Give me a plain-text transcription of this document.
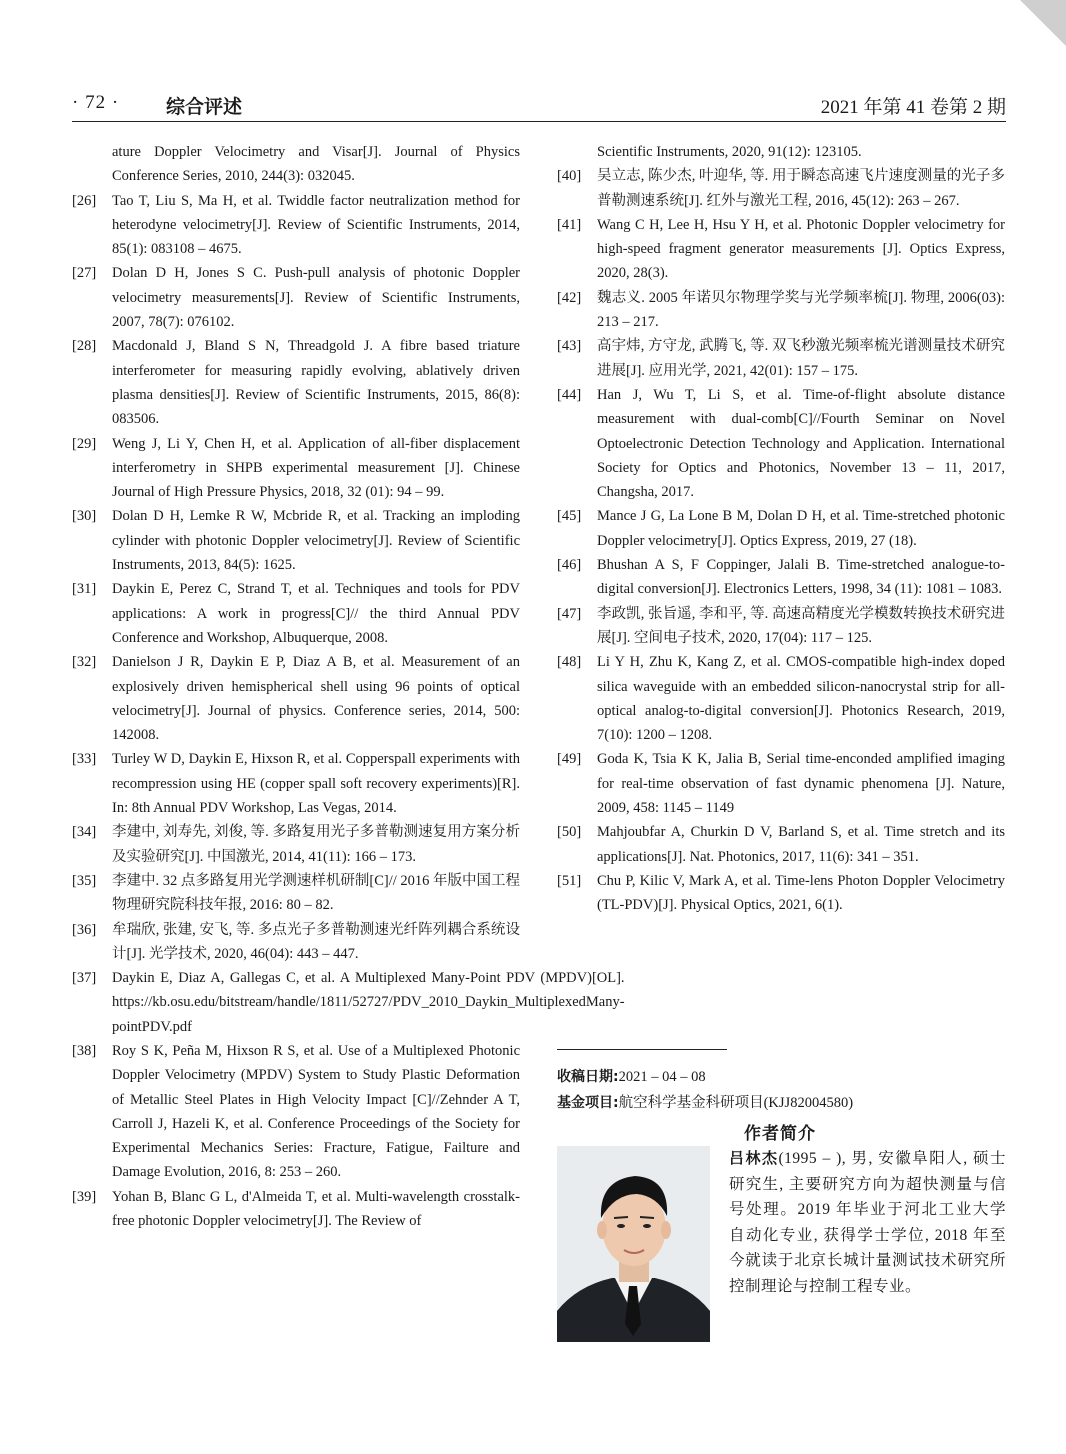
· 72 · 综合评述	2021 年第 41 卷第 2 期
ature Doppler Velocimetry and Visar[J]. Journal of Physics Conference Series, 2010, 244(3): 032045.
[26]	Tao T, Liu S, Ma H, et al. Twiddle factor neutralization method for heterodyne velocimetry[J]. Review of Scientific Instruments, 2014, 85(1): 083108 – 4675.
[27]	Dolan D H, Jones S C. Push-pull analysis of photonic Doppler velocimetry measurements[J]. Review of Scientific Instruments, 2007, 78(7): 076102.
[28]	Macdonald J, Bland S N, Threadgold J. A fibre based triature interferometer for measuring rapidly evolving, ablatively driven plasma densities[J]. Review of Scientific Instruments, 2015, 86(8): 083506.
[29]	Weng J, Li Y, Chen H, et al. Application of all-fiber displacement interferometry in SHPB experimental measurement [J]. Chinese Journal of High Pressure Physics, 2018, 32 (01): 94 – 99.
[30]	Dolan D H, Lemke R W, Mcbride R, et al. Tracking an imploding cylinder with photonic Doppler velocimetry[J]. Review of Scientific Instruments, 2013, 84(5): 1625.
[31]	Daykin E, Perez C, Strand T, et al. Techniques and tools for PDV applications: A work in progress[C]// the third Annual PDV Conference and Workshop, Albuquerque, 2008.
[32]	Danielson J R, Daykin E P, Diaz A B, et al. Measurement of an explosively driven hemispherical shell using 96 points of optical velocimetry[J]. Journal of physics. Conference series, 2014, 500: 142008.
[33]	Turley W D, Daykin E, Hixson R, et al. Copperspall experiments with recompression using HE (copper spall soft recovery experiments)[R]. In: 8th Annual PDV Workshop, Las Vegas, 2014.
[34]	李建中, 刘寿先, 刘俊, 等. 多路复用光子多普勒测速复用方案分析及实验研究[J]. 中国激光, 2014, 41(11): 166 – 173.
[35]	李建中. 32 点多路复用光学测速样机研制[C]// 2016 年版中国工程物理研究院科技年报, 2016: 80 – 82.
[36]	牟瑞欣, 张建, 安飞, 等. 多点光子多普勒测速光纤阵列耦合系统设计[J]. 光学技术, 2020, 46(04): 443 – 447.
[37]	Daykin E, Diaz A, Gallegas C, et al. A Multiplexed Many-Point PDV (MPDV)[OL]. https://kb.osu.edu/bitstream/handle/1811/52727/PDV_2010_Daykin_MultiplexedMany-pointPDV.pdf
[38]	Roy S K, Peña M, Hixson R S, et al. Use of a Multiplexed Photonic Doppler Velocimetry (MPDV) System to Study Plastic Deformation of Metallic Steel Plates in High Velocity Impact [C]//Zehnder A T, Carroll J, Hazeli K, et al. Conference Proceedings of the Society for Experimental Mechanics Series: Fracture, Fatigue, Failture and Damage Evolution, 2016, 8: 253 – 260.
[39]	Yohan B, Blanc G L, d'Almeida T, et al. Multi-wavelength crosstalk-free photonic Doppler velocimetry[J]. The Review of
Scientific Instruments, 2020, 91(12): 123105.
[40]	吴立志, 陈少杰, 叶迎华, 等. 用于瞬态高速飞片速度测量的光子多普勒测速系统[J]. 红外与激光工程, 2016, 45(12): 263 – 267.
[41]	Wang C H, Lee H, Hsu Y H, et al. Photonic Doppler velocimetry for high-speed fragment generator measurements [J]. Optics Express, 2020, 28(3).
[42]	魏志义. 2005 年诺贝尔物理学奖与光学频率梳[J]. 物理, 2006(03): 213 – 217.
[43]	高宇炜, 方守龙, 武腾飞, 等. 双飞秒激光频率梳光谱测量技术研究进展[J]. 应用光学, 2021, 42(01): 157 – 175.
[44]	Han J, Wu T, Li S, et al. Time-of-flight absolute distance measurement with dual-comb[C]//Fourth Seminar on Novel Optoelectronic Detection Technology and Application. International Society for Optics and Photonics, November 13 – 11, 2017, Changsha, 2017.
[45]	Mance J G, La Lone B M, Dolan D H, et al. Time-stretched photonic Doppler velocimetry[J]. Optics Express, 2019, 27 (18).
[46]	Bhushan A S, F Coppinger, Jalali B. Time-stretched analogue-to-digital conversion[J]. Electronics Letters, 1998, 34 (11): 1081 – 1083.
[47]	李政凯, 张旨遥, 李和平, 等. 高速高精度光学模数转换技术研究进展[J]. 空间电子技术, 2020, 17(04): 117 – 125.
[48]	Li Y H, Zhu K, Kang Z, et al. CMOS-compatible high-index doped silica waveguide with an embedded silicon-nanocrystal strip for all-optical analog-to-digital conversion[J]. Photonics Research, 2019, 7(10): 1200 – 1208.
[49]	Goda K, Tsia K K, Jalia B, Serial time-enconded amplified imaging for real-time observation of fast dynamic phenomena [J]. Nature, 2009, 458: 1145 – 1149
[50]	Mahjoubfar A, Churkin D V, Barland S, et al. Time stretch and its applications[J]. Nat. Photonics, 2017, 11(6): 341 – 351.
[51]	Chu P, Kilic V, Mark A, et al. Time-lens Photon Doppler Velocimetry (TL-PDV)[J]. Physical Optics, 2021, 6(1).
收稿日期:2021 – 04 – 08
基金项目:航空科学基金科研项目(KJJ82004580)
作者简介
吕林杰(1995 – ), 男, 安徽阜阳人, 硕士研究生, 主要研究方向为超快测量与信号处理。2019 年毕业于河北工业大学自动化专业, 获得学士学位, 2018 年至今就读于北京长城计量测试技术研究所控制理论与控制工程专业。
